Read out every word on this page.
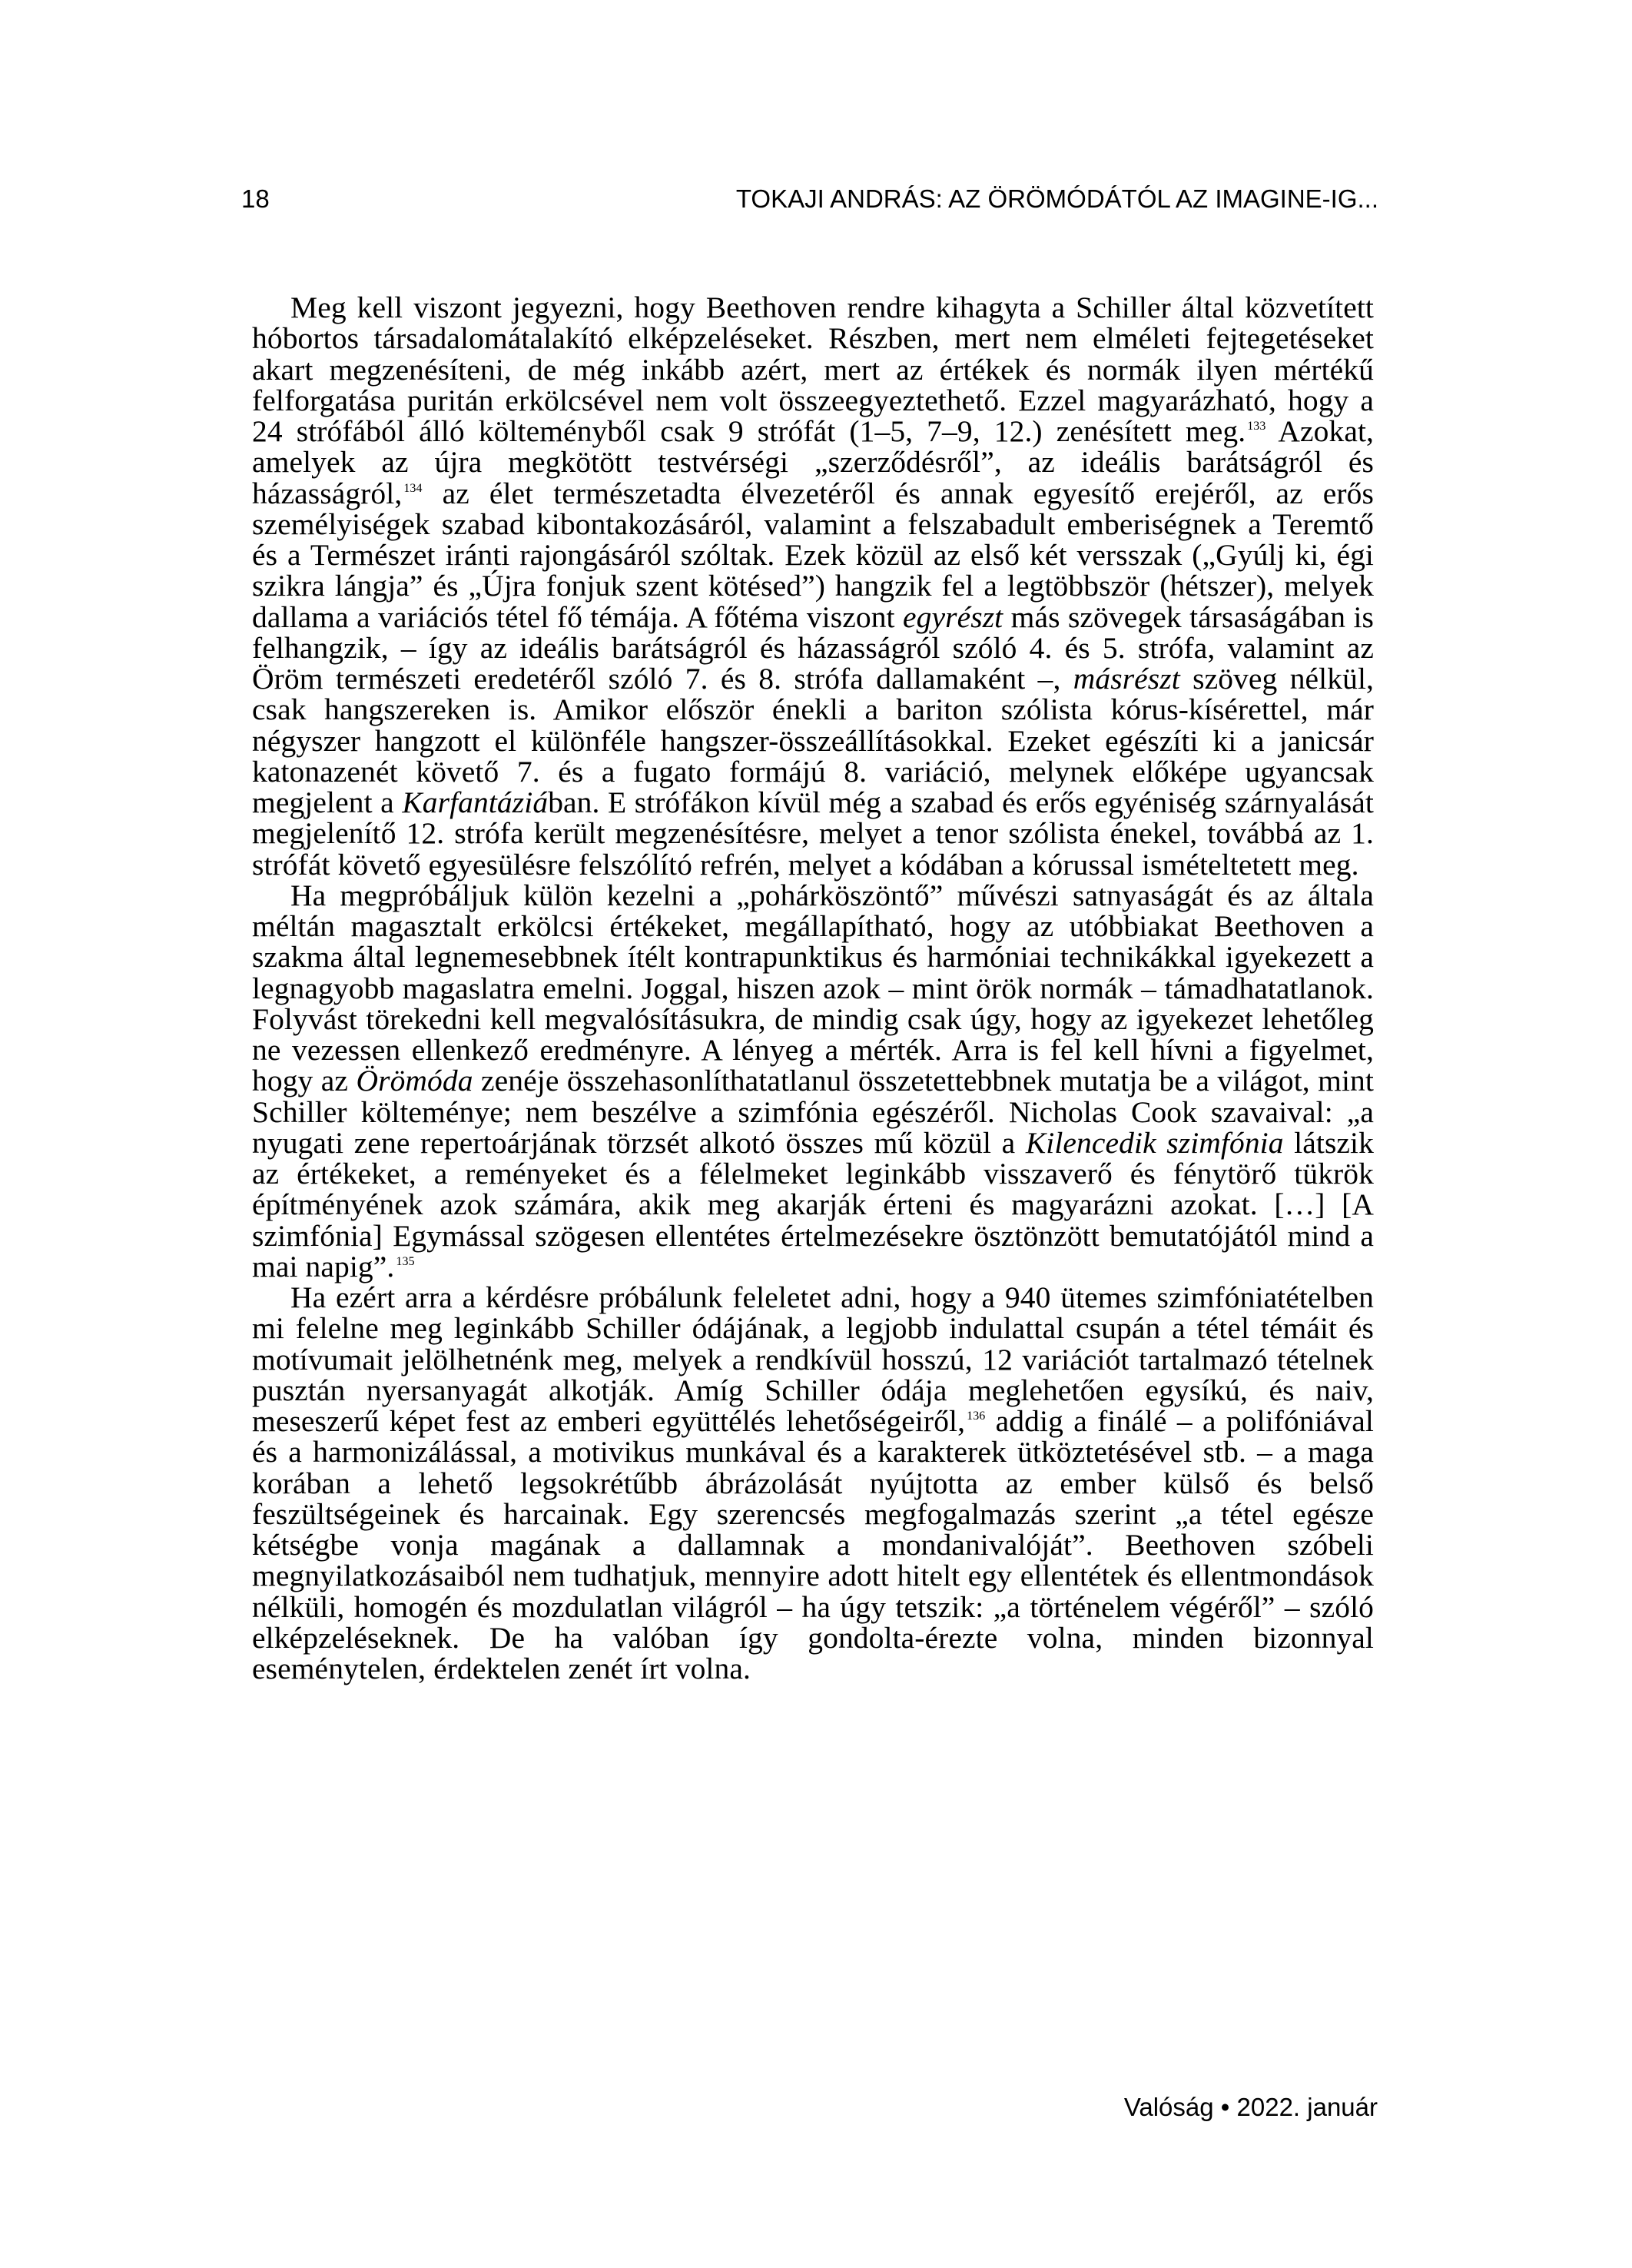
18	TOKAJI ANDRÁS: AZ ÖRÖMÓDÁTÓL AZ IMAGINE-IG...

Meg kell viszont jegyezni, hogy Beethoven rendre kihagyta a Schiller által közvetített hóbortos társadalomátalakító elképzeléseket. Részben, mert nem elméleti fejtegetéseket akart megzenésíteni, de még inkább azért, mert az értékek és normák ilyen mértékű felforgatása puritán erkölcsével nem volt összeegyeztethető. Ezzel magyarázható, hogy a 24 strófából álló költeményből csak 9 strófát (1–5, 7–9, 12.) zenésített meg. $^{133}$ Azokat, amelyek az újra megkötött testvérségi „szerződésről”, az ideális barátságról és házasságról, $^{134}$ az élet természetadta élvezetéről és annak egyesítő erejéről, az erős személyiségek szabad kibontakozásáról, valamint a felszabadult emberiségnek a Teremtő és a Természet iránti rajongásáról szóltak. Ezek közül az első két versszak („Gyúlj ki, égi szikra lángja” és „Újra fonjuk szent kötésed”) hangzik fel a legtöbbször (hétszer), melyek dallama a variációs tétel fő témája. A főtéma viszont egyrészt más szövegek társaságában is felhangzik, – így az ideális barátságról és házasságról szóló 4. és 5. strófa, valamint az Öröm természeti eredetéről szóló 7. és 8. strófa dallamaként –, másrészt szöveg nélkül, csak hangszereken is. Amikor először énekli a bariton szólista kórus-kísérettel, már négyszer hangzott el különféle hangszer-összeállításokkal. Ezeket egészíti ki a janicsár katonazenét követő 7. és a fugato formájú 8. variáció, melynek előképe ugyancsak megjelent a Karfantáziában. E strófákon kívül még a szabad és erős egyéniség szárnyalását megjelenítő 12. strófa került megzenésítésre, melyet a tenor szólista énekel, továbbá az 1. strófát követő egyesülésre felszólító refrén, melyet a kódában a kórussal ismételtetett meg.

Ha megpróbáljuk külön kezelni a „pohárköszöntő” művészi satnyaságát és az általa méltán magasztalt erkölcsi értékeket, megállapítható, hogy az utóbbiakat Beethoven a szakma által legnemesebbnek ítélt kontrapunktikus és harmóniai technikákkal igyekezett a legnagyobb magaslatra emelni. Joggal, hiszen azok – mint örök normák – támadhatatlanok. Folyvást törekedni kell megvalósításukra, de mindig csak úgy, hogy az igyekezet lehetőleg ne vezessen ellenkező eredményre. A lényeg a mérték. Arra is fel kell hívni a figyelmet, hogy az Örömóda zenéje összehasonlíthatatlanul összetettebbnek mutatja be a világot, mint Schiller költeménye; nem beszélve a szimfónia egészéről. Nicholas Cook szavaival: „a nyugati zene repertoárjának törzsét alkotó összes mű közül a Kilencedik szimfónia látszik az értékeket, a reményeket és a félelmeket leginkább visszaverő és fénytörő tükrök építményének azok számára, akik meg akarják érteni és magyarázni azokat. […] [A szimfónia] Egymással szögesen ellentétes értelmezésekre ösztönzött bemutatójától mind a mai napig”. $^{135}$

Ha ezért arra a kérdésre próbálunk feleletet adni, hogy a 940 ütemes szimfóniatételben mi felelne meg leginkább Schiller ódájának, a legjobb indulattal csupán a tétel témáit és motívumait jelölhetnénk meg, melyek a rendkívül hosszú, 12 variációt tartalmazó tételnek pusztán nyersanyagát alkotják. Amíg Schiller ódája meglehetően egysíkú, és naiv, meseszerű képet fest az emberi együttélés lehetőségeiről, $^{136}$ addig a finálé – a polifóniával és a harmonizálással, a motivikus munkával és a karakterek ütköztetésével stb. – a maga korában a lehető legsokrétűbb ábrázolását nyújtotta az ember külső és belső feszültségeinek és harcainak. Egy szerencsés megfogalmazás szerint „a tétel egésze kétségbe vonja magának a dallamnak a mondanivalóját”. Beethoven szóbeli megnyilatkozásaiból nem tudhatjuk, mennyire adott hitelt egy ellentétek és ellentmondások nélküli, homogén és mozdulatlan világról – ha úgy tetszik: „a történelem végéről” – szóló elképzeléseknek. De ha valóban így gondolta-érezte volna, minden bizonnyal eseménytelen, érdektelen zenét írt volna.

Valóság • 2022. január
